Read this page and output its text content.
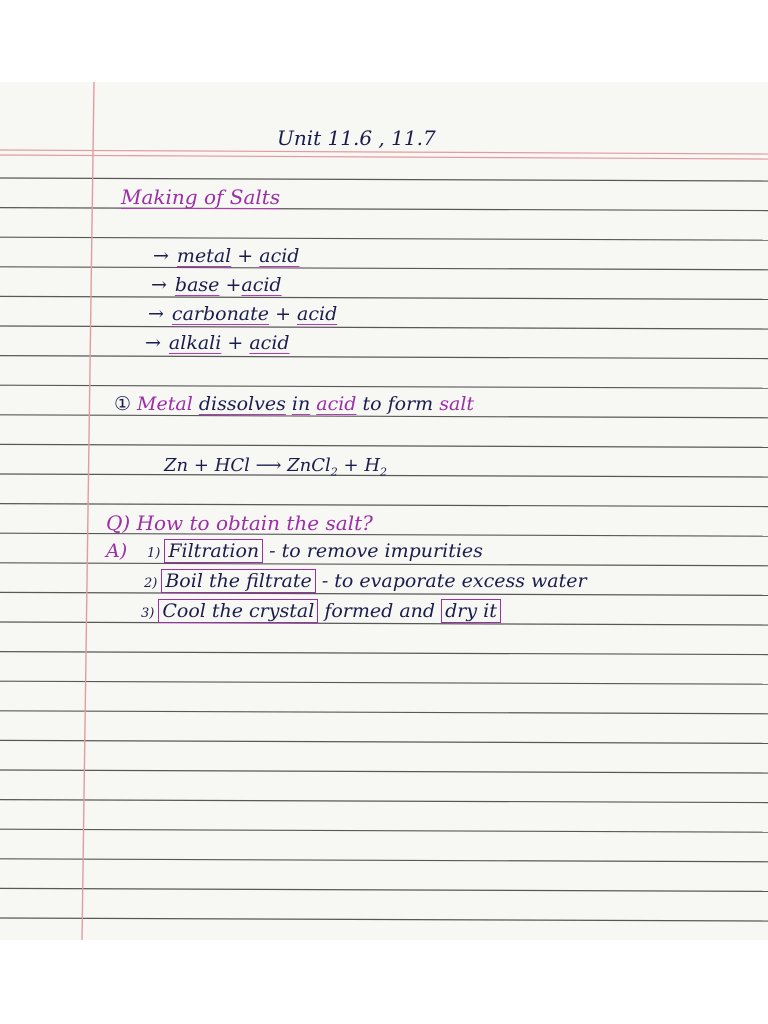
Unit 11.6 , 11.7
Making of Salts
→ metal + acid
→ base +acid
→ carbonate + acid
→ alkali + acid
① Metal dissolves in acid to form salt
Zn + HCl ⟶ ZnCl$_2$ + $H_2$
Q) How to obtain the salt?
A) 1) Filtration - to remove impurities
2) Boil the filtrate - to evaporate excess water
3) Cool the crystal formed and dry it
